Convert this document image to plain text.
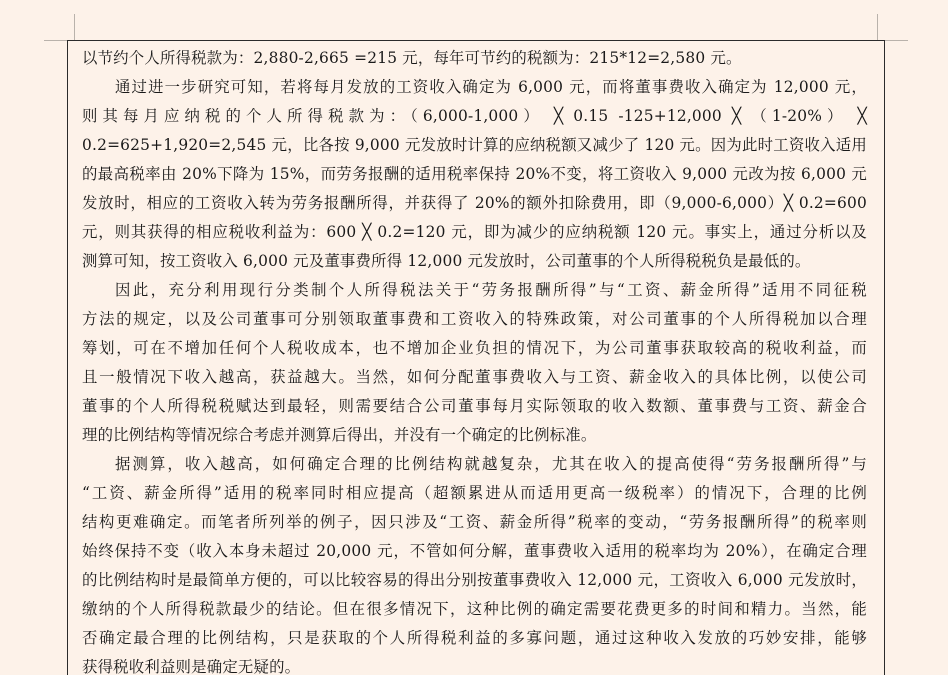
以节约个人所得税款为：2,880-2,665 =215 元，每年可节约的税额为：215*12=2,580 元。
通过进一步研究可知，若将每月发放的工资收入确定为 6,000 元，而将董事费收入确定为 12,000 元，
则其每月应纳税的个人所得税款为：（6,000-1,000） ╳ 0.15 -125+12,000 ╳ （1-20%） ╳
0.2=625+1,920=2,545 元，比各按 9,000 元发放时计算的应纳税额又减少了 120 元。因为此时工资收入适用
的最高税率由 20%下降为 15%，而劳务报酬的适用税率保持 20%不变，将工资收入 9,000 元改为按 6,000 元
发放时，相应的工资收入转为劳务报酬所得，并获得了 20%的额外扣除费用，即（9,000-6,000）╳ 0.2=600
元，则其获得的相应税收利益为：600 ╳ 0.2=120 元，即为减少的应纳税额 120 元。事实上，通过分析以及
测算可知，按工资收入 6,000 元及董事费所得 12,000 元发放时，公司董事的个人所得税税负是最低的。
因此，充分利用现行分类制个人所得税法关于“劳务报酬所得”与“工资、薪金所得”适用不同征税
方法的规定，以及公司董事可分别领取董事费和工资收入的特殊政策，对公司董事的个人所得税加以合理
筹划，可在不增加任何个人税收成本，也不增加企业负担的情况下，为公司董事获取较高的税收利益，而
且一般情况下收入越高，获益越大。当然，如何分配董事费收入与工资、薪金收入的具体比例，以使公司
董事的个人所得税税赋达到最轻，则需要结合公司董事每月实际领取的收入数额、董事费与工资、薪金合
理的比例结构等情况综合考虑并测算后得出，并没有一个确定的比例标准。
据测算，收入越高，如何确定合理的比例结构就越复杂，尤其在收入的提高使得“劳务报酬所得”与
“工资、薪金所得”适用的税率同时相应提高（超额累进从而适用更高一级税率）的情况下，合理的比例
结构更难确定。而笔者所列举的例子，因只涉及“工资、薪金所得”税率的变动，“劳务报酬所得”的税率则
始终保持不变（收入本身未超过 20,000 元，不管如何分解，董事费收入适用的税率均为 20%），在确定合理
的比例结构时是最简单方便的，可以比较容易的得出分别按董事费收入 12,000 元，工资收入 6,000 元发放时，
缴纳的个人所得税款最少的结论。但在很多情况下，这种比例的确定需要花费更多的时间和精力。当然，能
否确定最合理的比例结构，只是获取的个人所得税利益的多寡问题，通过这种收入发放的巧妙安排，能够
获得税收利益则是确定无疑的。
